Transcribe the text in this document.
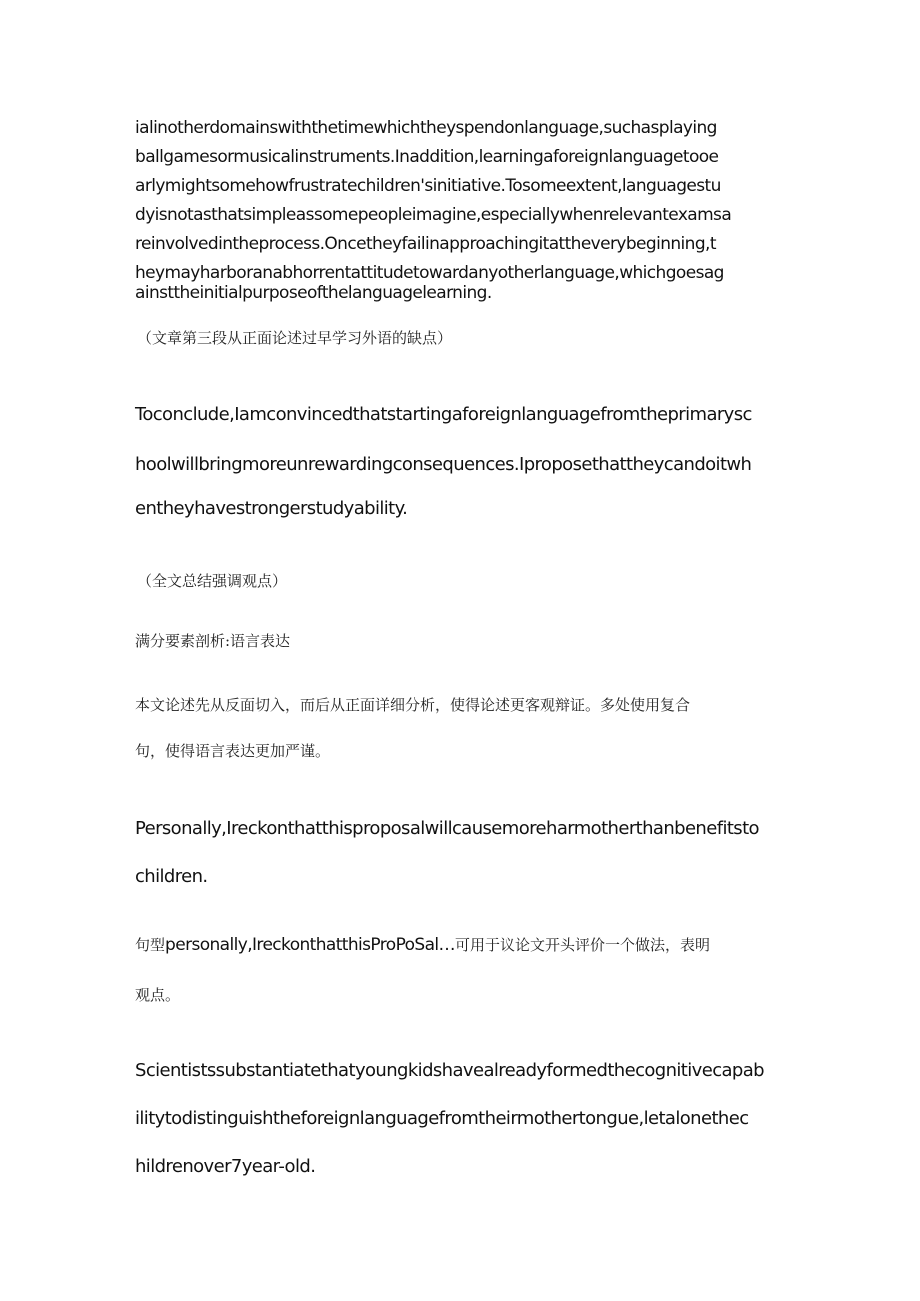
ialinotherdomainswiththetimewhichtheyspendonlanguage,suchasplaying

ballgamesormusicalinstruments.Inaddition,learningaforeignlanguagetooe

arlymightsomehowfrustratechildren'sinitiative.Tosomeextent,languagestu

dyisnotasthatsimpleassomepeopleimagine,especiallywhenrelevantexamsa

reinvolvedintheprocess.Oncetheyfailinapproachingitattheverybeginning,t

heymayharboranabhorrentattitudetowardanyotherlanguage,whichgoesag

ainsttheinitialpurposeofthelanguagelearning.

（文章第三段从正面论述过早学习外语的缺点）

Toconclude,Iamconvincedthatstartingaforeignlanguagefromtheprimarysc

hoolwillbringmoreunrewardingconsequences.Iproposethattheycandoitwh

entheyhavestrongerstudyability.

（全文总结强调观点）

满分要素剖析:语言表达

本文论述先从反面切入，而后从正面详细分析，使得论述更客观辩证。多处使用复合

句，使得语言表达更加严谨。

Personally,Ireckonthatthisproposalwillcausemoreharmotherthanbenefitsto

children.

句型personally,IreckonthatthisProPoSal…可用于议论文开头评价一个做法，表明

观点。

Scientistssubstantiatethatyoungkidshavealreadyformedthecognitivecapab

ilitytodistinguishtheforeignlanguagefromtheirmothertongue,letalonethec

hildrenover7year-old.
